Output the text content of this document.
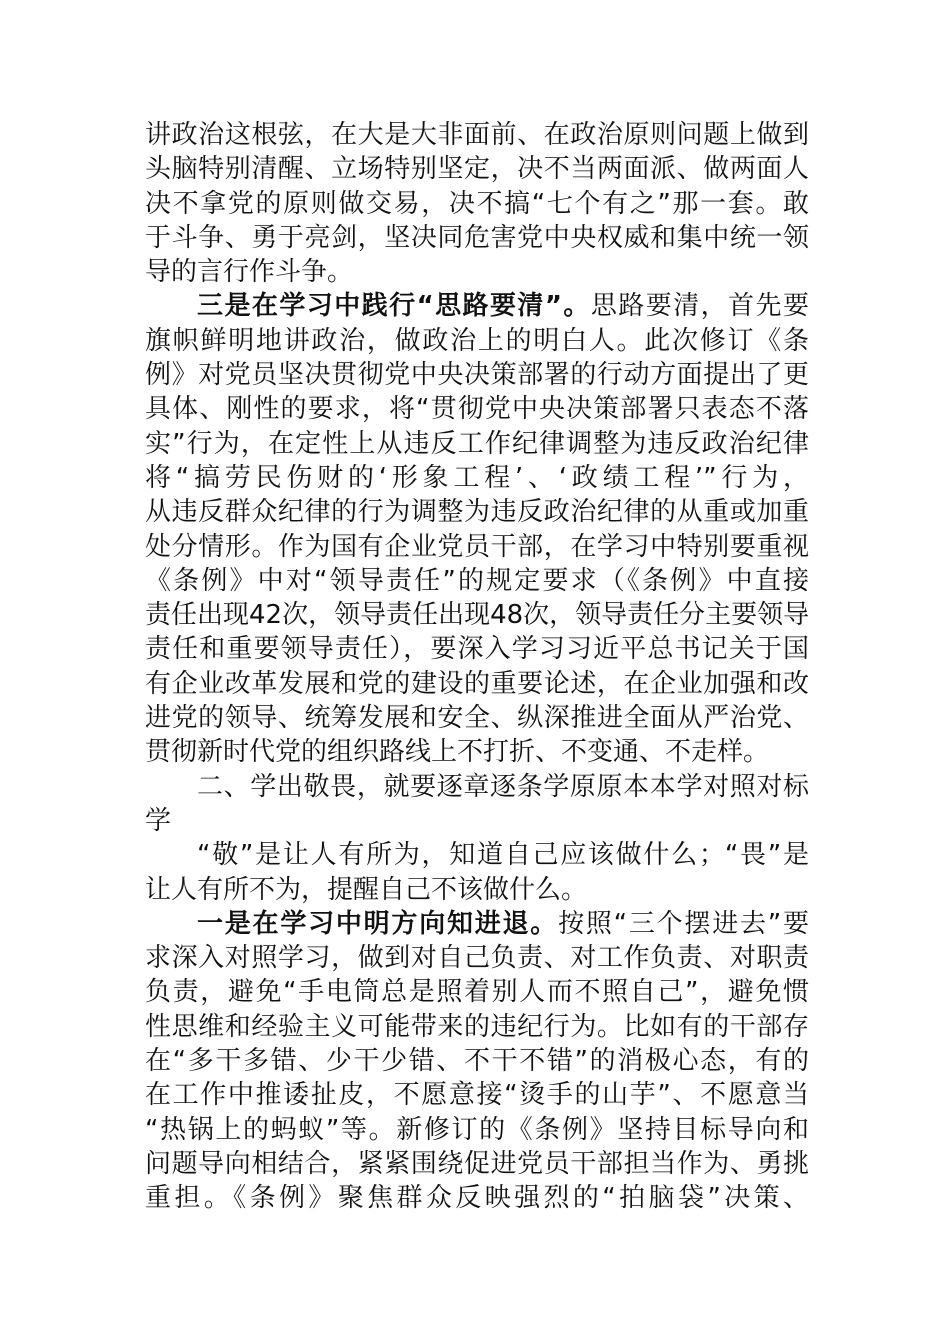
讲政治这根弦，在大是大非面前、在政治原则问题上做到
头脑特别清醒、立场特别坚定，决不当两面派、做两面人
决不拿党的原则做交易，决不搞“七个有之”那一套。敢
于斗争、勇于亮剑，坚决同危害党中央权威和集中统一领
导的言行作斗争。
三是在学习中践行“思路要清”。思路要清，首先要
旗帜鲜明地讲政治，做政治上的明白人。此次修订《条
例》对党员坚决贯彻党中央决策部署的行动方面提出了更
具体、刚性的要求，将“贯彻党中央决策部署只表态不落
实”行为，在定性上从违反工作纪律调整为违反政治纪律
将“搞劳民伤财的‘形象工程’、‘政绩工程’”行为，
从违反群众纪律的行为调整为违反政治纪律的从重或加重
处分情形。作为国有企业党员干部，在学习中特别要重视
《条例》中对“领导责任”的规定要求（《条例》中直接
责任出现42次，领导责任出现48次，领导责任分主要领导
责任和重要领导责任），要深入学习习近平总书记关于国
有企业改革发展和党的建设的重要论述，在企业加强和改
进党的领导、统筹发展和安全、纵深推进全面从严治党、
贯彻新时代党的组织路线上不打折、不变通、不走样。
二、学出敬畏，就要逐章逐条学原原本本学对照对标
学
“敬”是让人有所为，知道自己应该做什么；“畏”是
让人有所不为，提醒自己不该做什么。
一是在学习中明方向知进退。按照“三个摆进去”要
求深入对照学习，做到对自己负责、对工作负责、对职责
负责，避免“手电筒总是照着别人而不照自己”，避免惯
性思维和经验主义可能带来的违纪行为。比如有的干部存
在“多干多错、少干少错、不干不错”的消极心态，有的
在工作中推诿扯皮，不愿意接“烫手的山芋”、不愿意当
“热锅上的蚂蚁”等。新修订的《条例》坚持目标导向和
问题导向相结合，紧紧围绕促进党员干部担当作为、勇挑
重担。《条例》聚焦群众反映强烈的“拍脑袋”决策、
